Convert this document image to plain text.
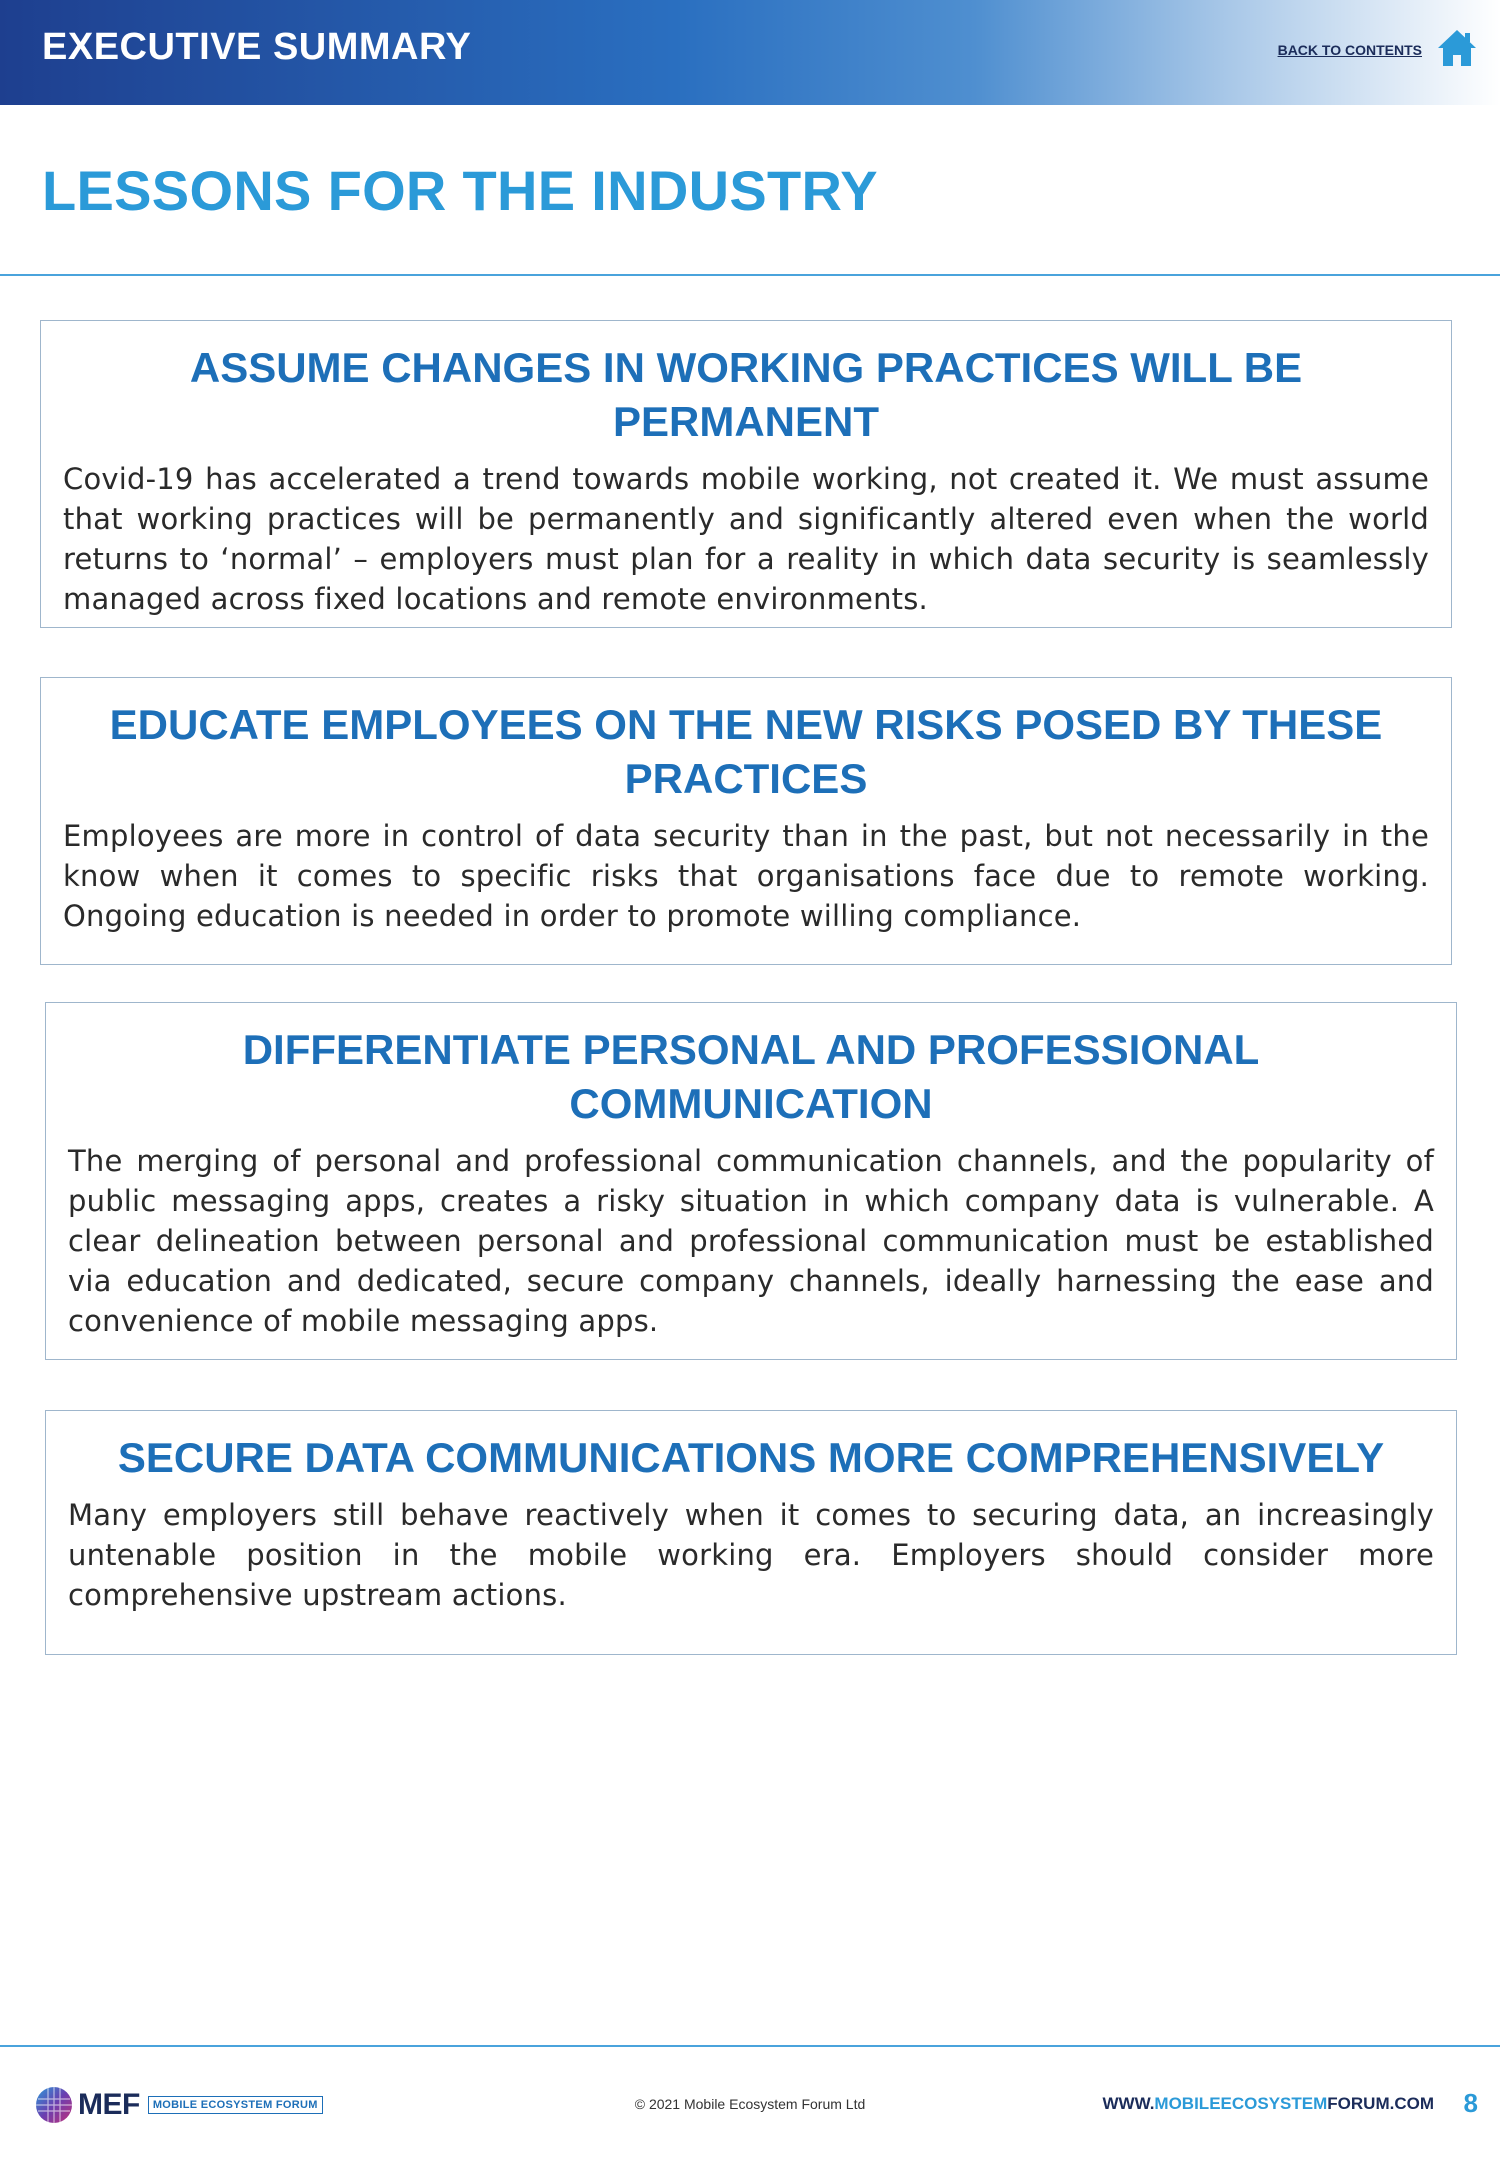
EXECUTIVE SUMMARY	BACK TO CONTENTS
LESSONS FOR THE INDUSTRY
ASSUME CHANGES IN WORKING PRACTICES WILL BE PERMANENT

Covid-19 has accelerated a trend towards mobile working, not created it. We must assume that working practices will be permanently and significantly altered even when the world returns to ‘normal’ – employers must plan for a reality in which data security is seamlessly managed across fixed locations and remote environments.

EDUCATE EMPLOYEES ON THE NEW RISKS POSED BY THESE PRACTICES

Employees are more in control of data security than in the past, but not necessarily in the know when it comes to specific risks that organisations face due to remote working. Ongoing education is needed in order to promote willing compliance.

DIFFERENTIATE PERSONAL AND PROFESSIONAL COMMUNICATION

The merging of personal and professional communication channels, and the popularity of public messaging apps, creates a risky situation in which company data is vulnerable. A clear delineation between personal and professional communication must be established via education and dedicated, secure company channels, ideally harnessing the ease and convenience of mobile messaging apps.

SECURE DATA COMMUNICATIONS MORE COMPREHENSIVELY

Many employers still behave reactively when it comes to securing data, an increasingly untenable position in the mobile working era. Employers should consider more comprehensive upstream actions.

MEF	MOBILE ECOSYSTEM FORUM	© 2021 Mobile Ecosystem Forum Ltd	WWW.MOBILEECOSYSTEMFORUM.COM 8
